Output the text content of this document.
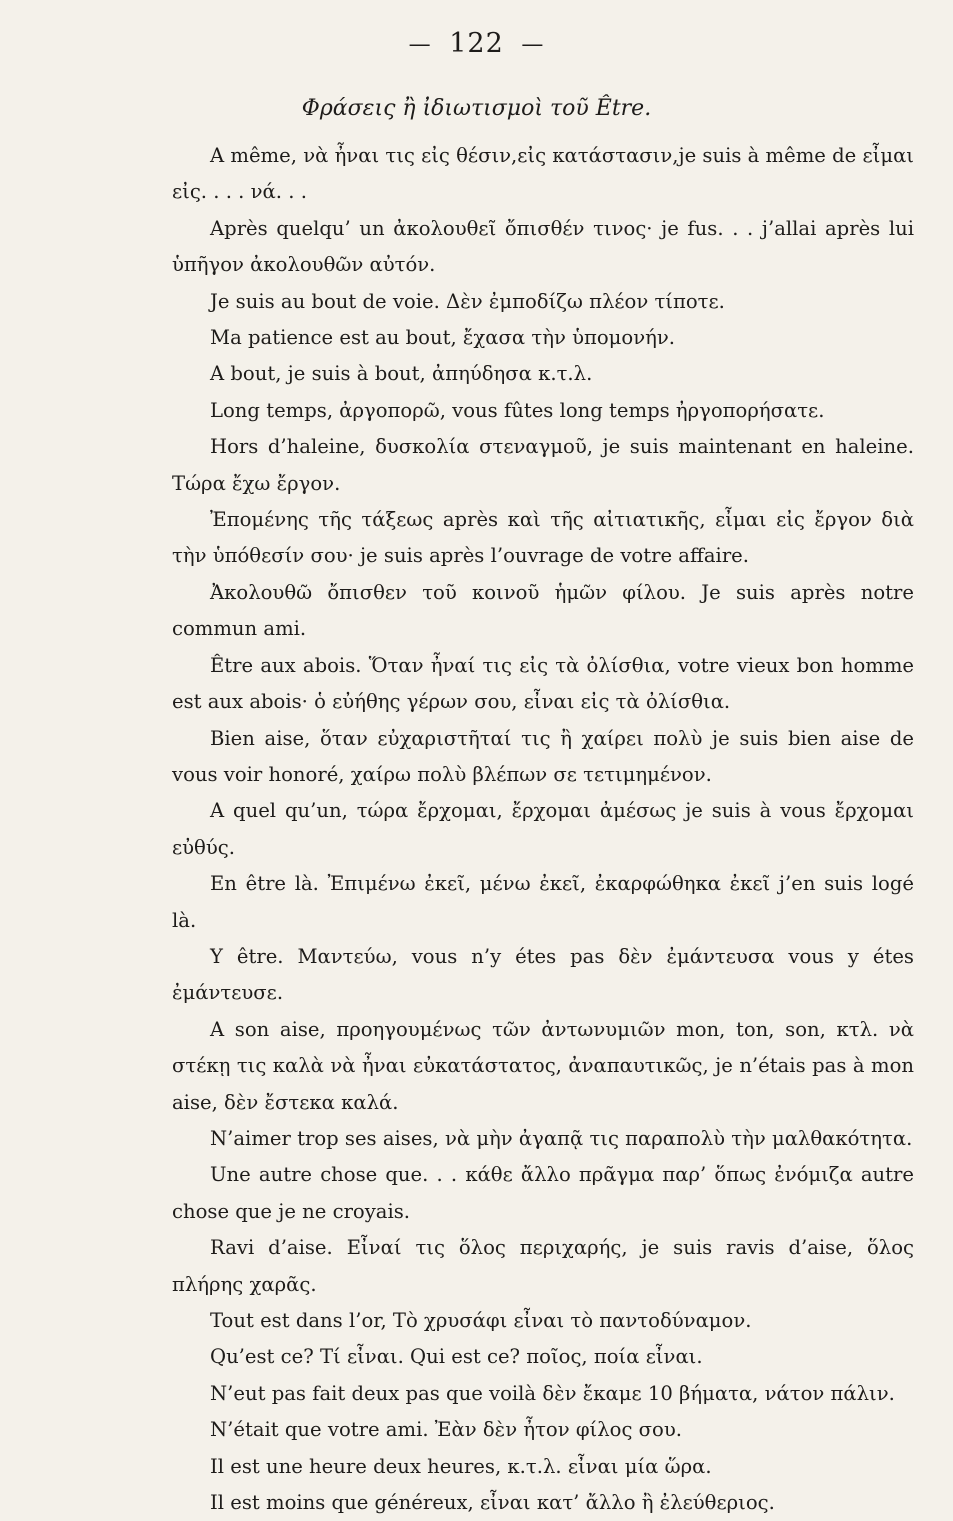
— 122 —
Φράσεις ἢ ἰδιωτισμοὶ τοῦ Être.

A même, νὰ ἦναι τις εἰς θέσιν,εἰς κατάστασιν,je suis à même de εἶμαι εἰς. . . . νά. . .

Après quelqu’ un ἀκολουθεῖ ὄπισθέν τινος· je fus. . . j’allai après lui ὑπῆγον ἀκολουθῶν αὐτόν.

Je suis au bout de voie. Δὲν ἐμποδίζω πλέον τίποτε.

Ma patience est au bout, ἔχασα τὴν ὑπομονήν.

A bout, je suis à bout, ἀπηύδησα κ.τ.λ.

Long temps, ἀργοπορῶ, vous fûtes long temps ἠργοπορήσατε.

Hors d’haleine, δυσκολία στεναγμοῦ, je suis maintenant en haleine. Τώρα ἔχω ἔργον.

Ἐπομένης τῆς τάξεως après καὶ τῆς αἰτιατικῆς, εἶμαι εἰς ἔργον διὰ τὴν ὑπόθεσίν σου· je suis après l’ouvrage de votre affaire.

Ἀκολουθῶ ὄπισθεν τοῦ κοινοῦ ἡμῶν φίλου. Je suis après notre commun ami.

Être aux abois. Ὅταν ἦναί τις εἰς τὰ ὀλίσθια, votre vieux bon homme est aux abois· ὁ εὐήθης γέρων σου, εἶναι εἰς τὰ ὀλίσθια.

Bien aise, ὅταν εὐχαριστῆταί τις ἢ χαίρει πολὺ je suis bien aise de vous voir honoré, χαίρω πολὺ βλέπων σε τετιμημένον.

A quel qu’un, τώρα ἔρχομαι, ἔρχομαι ἀμέσως je suis à vous ἔρχομαι εὐθύς.

En être là. Ἐπιμένω ἐκεῖ, μένω ἐκεῖ, ἐκαρφώθηκα ἐκεῖ j’en suis logé là.

Y être. Μαντεύω, vous n’y étes pas δὲν ἐμάντευσα vous y étes ἐμάντευσε.

A son aise, προηγουμένως τῶν ἀντωνυμιῶν mon, ton, son, κτλ. νὰ στέκῃ τις καλὰ νὰ ἦναι εὐκατάστατος, ἀναπαυτικῶς, je n’étais pas à mon aise, δὲν ἔστεκα καλά.

N’aimer trop ses aises, νὰ μὴν ἀγαπᾷ τις παραπολὺ τὴν μαλθακότητα.

Une autre chose que. . . κάθε ἄλλο πρᾶγμα παρ’ ὅπως ἐνόμιζα autre chose que je ne croyais.

Ravi d’aise. Εἶναί τις ὅλος περιχαρής, je suis ravis d’aise, ὅλος πλήρης χαρᾶς.

Tout est dans l’or, Τὸ χρυσάφι εἶναι τὸ παντοδύναμον.

Qu’est ce? Τί εἶναι. Qui est ce? ποῖος, ποία εἶναι.

N’eut pas fait deux pas que voilà δὲν ἔκαμε 10 βήματα, νάτον πάλιν.

N’était que votre ami. Ἐὰν δὲν ἦτον φίλος σου.

Il est une heure deux heures, κ.τ.λ. εἶναι μία ὥρα.

Il est moins que généreux, εἶναι κατ’ ἄλλο ἢ ἐλεύθεριος.
